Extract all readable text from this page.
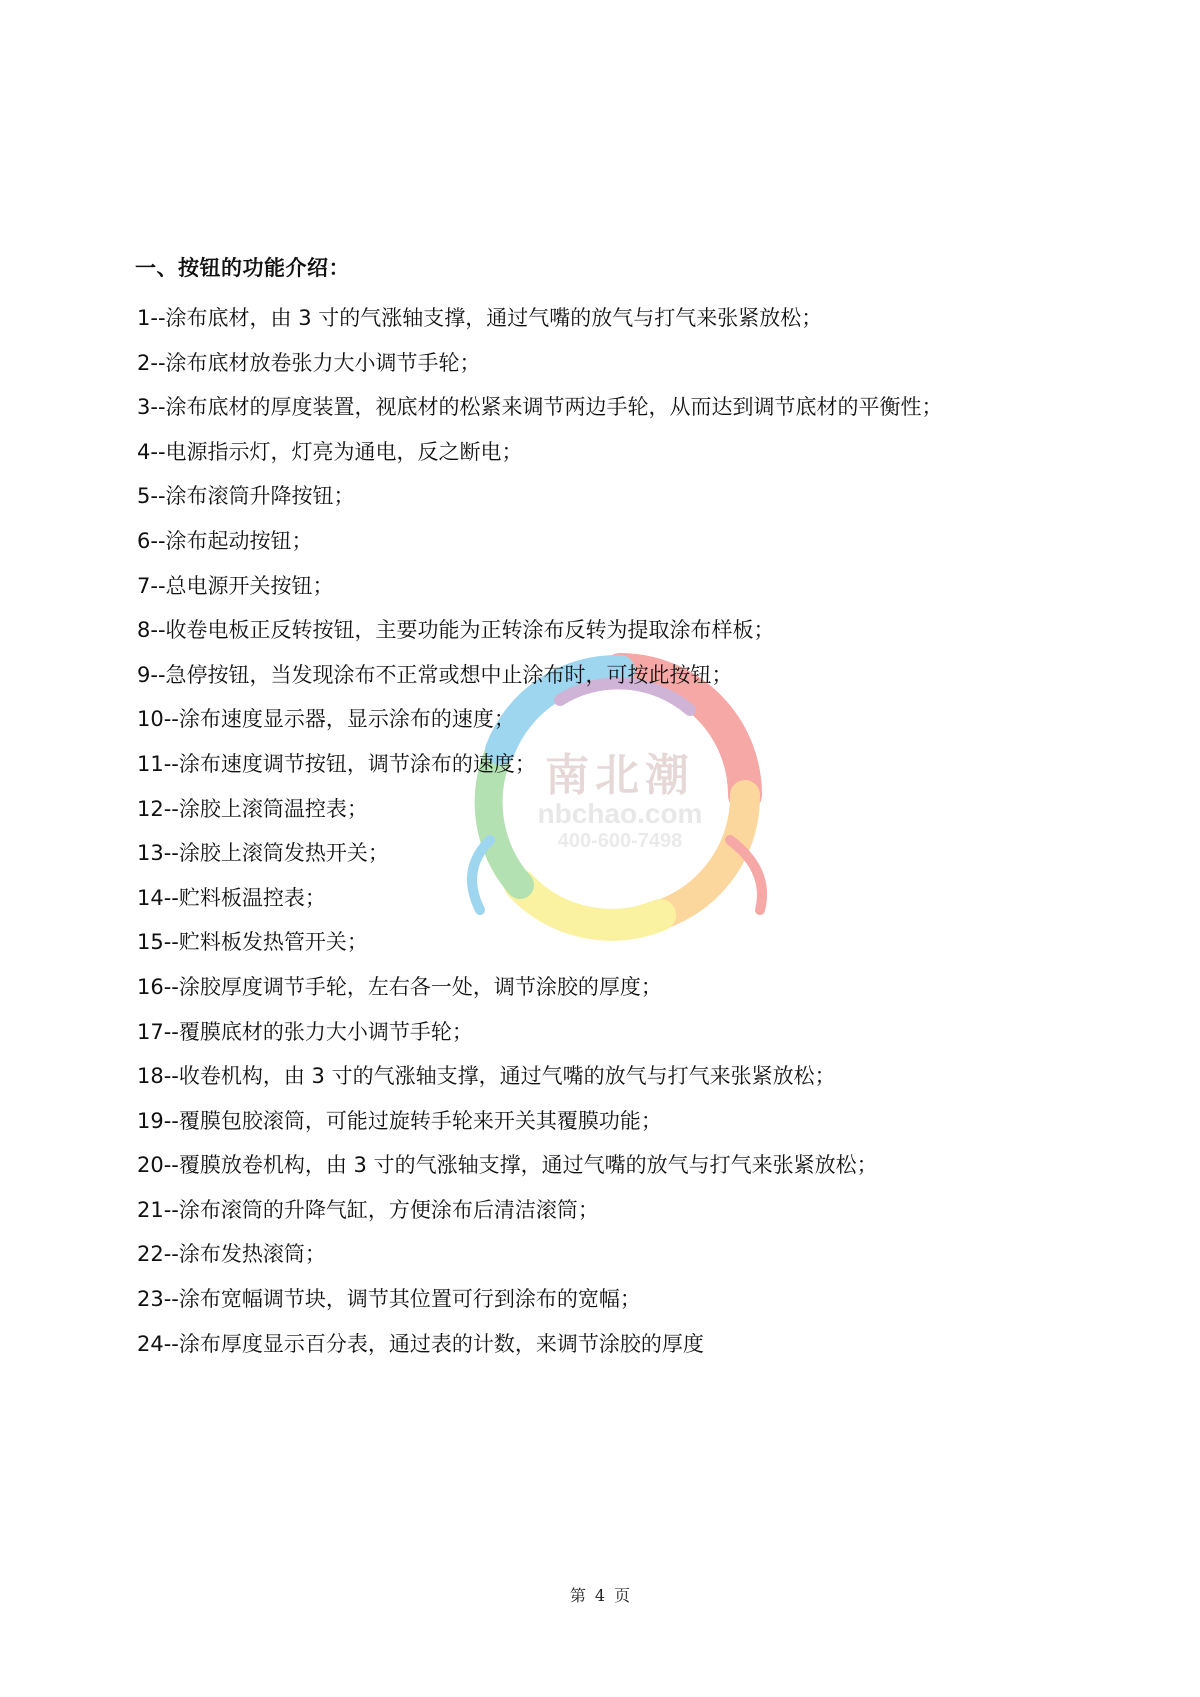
南北潮
nbchao.com
400-600-7498
一、按钮的功能介绍：
1--涂布底材，由 3 寸的气涨轴支撑，通过气嘴的放气与打气来张紧放松；
2--涂布底材放卷张力大小调节手轮；
3--涂布底材的厚度装置，视底材的松紧来调节两边手轮，从而达到调节底材的平衡性；
4--电源指示灯，灯亮为通电，反之断电；
5--涂布滚筒升降按钮；
6--涂布起动按钮；
7--总电源开关按钮；
8--收卷电板正反转按钮，主要功能为正转涂布反转为提取涂布样板；
9--急停按钮，当发现涂布不正常或想中止涂布时，可按此按钮；
10--涂布速度显示器，显示涂布的速度；
11--涂布速度调节按钮，调节涂布的速度；
12--涂胶上滚筒温控表；
13--涂胶上滚筒发热开关；
14--贮料板温控表；
15--贮料板发热管开关；
16--涂胶厚度调节手轮，左右各一处，调节涂胶的厚度；
17--覆膜底材的张力大小调节手轮；
18--收卷机构，由 3 寸的气涨轴支撑，通过气嘴的放气与打气来张紧放松；
19--覆膜包胶滚筒，可能过旋转手轮来开关其覆膜功能；
20--覆膜放卷机构，由 3 寸的气涨轴支撑，通过气嘴的放气与打气来张紧放松；
21--涂布滚筒的升降气缸，方便涂布后清洁滚筒；
22--涂布发热滚筒；
23--涂布宽幅调节块，调节其位置可行到涂布的宽幅；
24--涂布厚度显示百分表，通过表的计数，来调节涂胶的厚度
第 4 页
